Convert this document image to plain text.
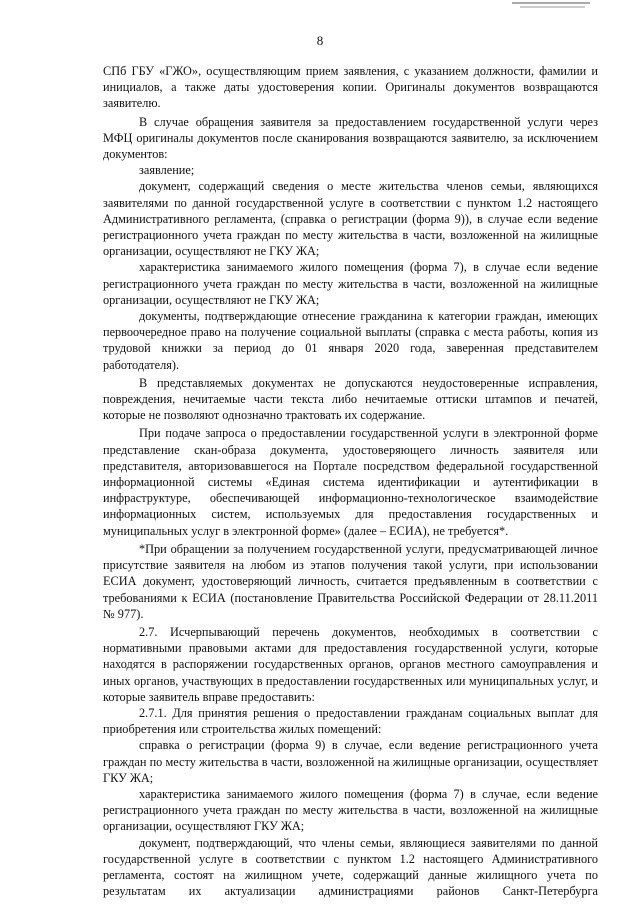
8

СПб ГБУ «ГЖО», осуществляющим прием заявления, с указанием должности, фамилии и инициалов, а также даты удостоверения копии. Оригиналы документов возвращаются заявителю.

В случае обращения заявителя за предоставлением государственной услуги через МФЦ оригиналы документов после сканирования возвращаются заявителю, за исключением документов:

заявление;

документ, содержащий сведения о месте жительства членов семьи, являющихся заявителями по данной государственной услуге в соответствии с пунктом 1.2 настоящего Административного регламента, (справка о регистрации (форма 9)), в случае если ведение регистрационного учета граждан по месту жительства в части, возложенной на жилищные организации, осуществляют не ГКУ ЖА;

характеристика занимаемого жилого помещения (форма 7), в случае если ведение регистрационного учета граждан по месту жительства в части, возложенной на жилищные организации, осуществляют не ГКУ ЖА;

документы, подтверждающие отнесение гражданина к категории граждан, имеющих первоочередное право на получение социальной выплаты (справка с места работы, копия из трудовой книжки за период до 01 января 2020 года, заверенная представителем работодателя).

В представляемых документах не допускаются неудостоверенные исправления, повреждения, нечитаемые части текста либо нечитаемые оттиски штампов и печатей, которые не позволяют однозначно трактовать их содержание.

При подаче запроса о предоставлении государственной услуги в электронной форме представление скан-образа документа, удостоверяющего личность заявителя или представителя, авторизовавшегося на Портале посредством федеральной государственной информационной системы «Единая система идентификации и аутентификации в инфраструктуре, обеспечивающей информационно-технологическое взаимодействие информационных систем, используемых для предоставления государственных и муниципальных услуг в электронной форме» (далее – ЕСИА), не требуется*.

*При обращении за получением государственной услуги, предусматривающей личное присутствие заявителя на любом из этапов получения такой услуги, при использовании ЕСИА документ, удостоверяющий личность, считается предъявленным в соответствии с требованиями к ЕСИА (постановление Правительства Российской Федерации от 28.11.2011 № 977).

2.7. Исчерпывающий перечень документов, необходимых в соответствии с нормативными правовыми актами для предоставления государственной услуги, которые находятся в распоряжении государственных органов, органов местного самоуправления и иных органов, участвующих в предоставлении государственных или муниципальных услуг, и которые заявитель вправе предоставить:

2.7.1. Для принятия решения о предоставлении гражданам социальных выплат для приобретения или строительства жилых помещений:

справка о регистрации (форма 9) в случае, если ведение регистрационного учета граждан по месту жительства в части, возложенной на жилищные организации, осуществляет ГКУ ЖА;

характеристика занимаемого жилого помещения (форма 7) в случае, если ведение регистрационного учета граждан по месту жительства в части, возложенной на жилищные организации, осуществляют ГКУ ЖА;

документ, подтверждающий, что члены семьи, являющиеся заявителями по данной государственной услуге в соответствии с пунктом 1.2 настоящего Административного регламента, состоят на жилищном учете, содержащий данные жилищного учета по результатам их актуализации администрациями районов Санкт-Петербурга
